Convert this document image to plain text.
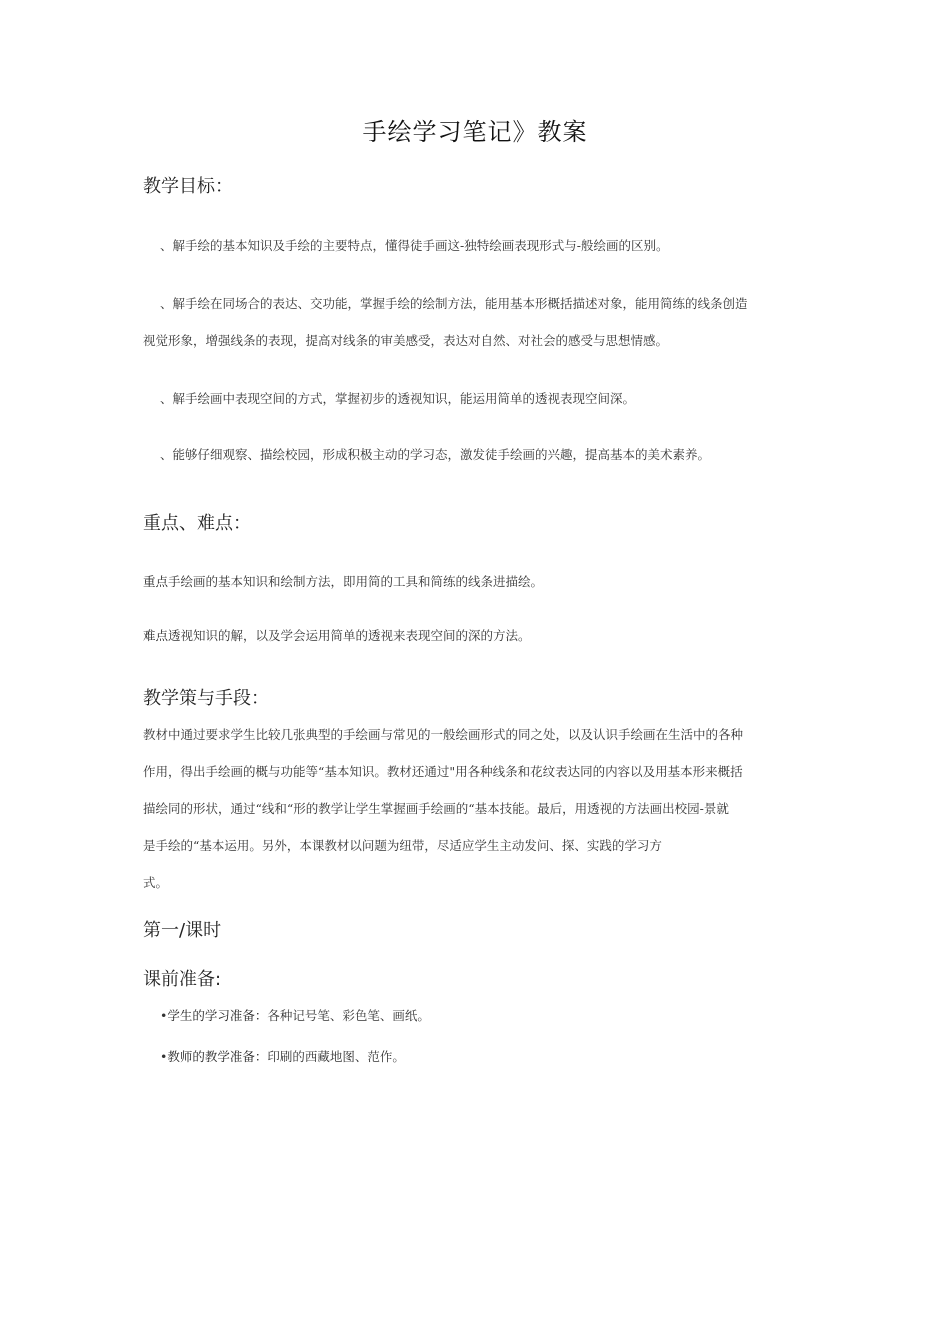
手绘学习笔记》教案
教学目标：
、解手绘的基本知识及手绘的主要特点，懂得徒手画这-独特绘画表现形式与-般绘画的区别。
、解手绘在同场合的表达、交功能，掌握手绘的绘制方法，能用基本形概括描述对象，能用简练的线条创造
视觉形象，增强线条的表现，提高对线条的审美感受，表达对自然、对社会的感受与思想情感。
、解手绘画中表现空间的方式，掌握初步的透视知识，能运用简单的透视表现空间深。
、能够仔细观察、描绘校园，形成积极主动的学习态，激发徒手绘画的兴趣，提高基本的美术素养。
重点、难点：
重点手绘画的基本知识和绘制方法，即用简的工具和简练的线条进描绘。
难点透视知识的解，以及学会运用简单的透视来表现空间的深的方法。
教学策与手段：
教材中通过要求学生比较几张典型的手绘画与常见的一般绘画形式的同之处，以及认识手绘画在生活中的各种
作用，得出手绘画的概与功能等“基本知识。教材还通过"用各种线条和花纹表达同的内容以及用基本形来概括
描绘同的形状，通过“线和“形的教学让学生掌握画手绘画的“基本技能。最后，用透视的方法画出校园-景就
是手绘的“基本运用。另外，本课教材以问题为纽带，尽适应学生主动发问、探、实践的学习方
式。
第一/课时
课前准备:
•学生的学习准备：各种记号笔、彩色笔、画纸。
•教师的教学准备：印刷的西藏地图、范作。
